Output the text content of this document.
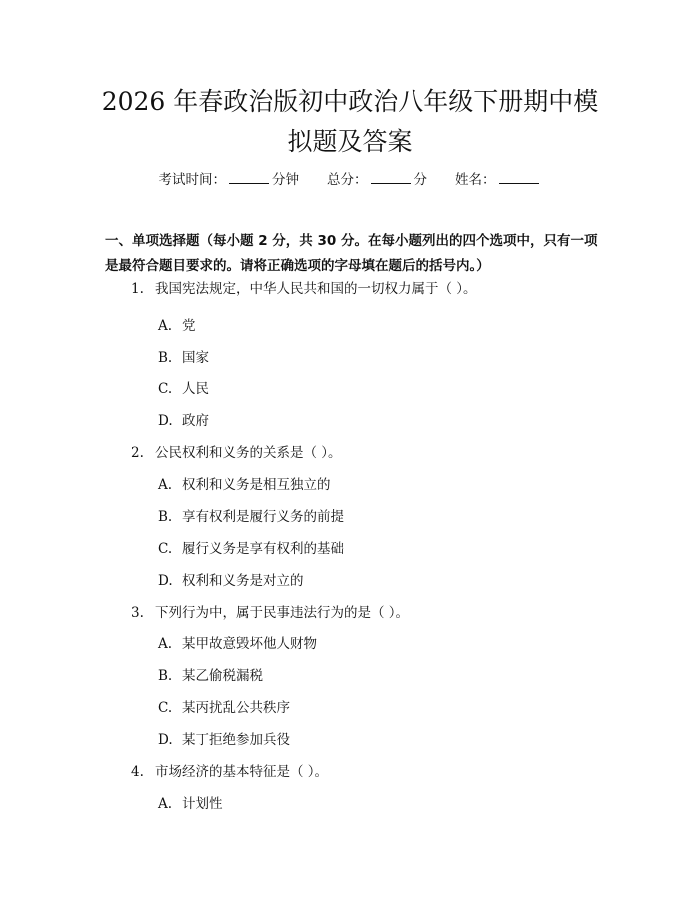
2026 年春政治版初中政治八年级下册期中模
拟题及答案
考试时间：	分钟 总分：	分 姓名：
一、单项选择题（每小题 2 分，共 30 分。在每小题列出的四个选项中，只有一项
是最符合题目要求的。请将正确选项的字母填在题后的括号内。）
1. 我国宪法规定，中华人民共和国的一切权力属于（ ）。
A. 党
B. 国家
C. 人民
D. 政府
2. 公民权利和义务的关系是（ ）。
A. 权利和义务是相互独立的
B. 享有权利是履行义务的前提
C. 履行义务是享有权利的基础
D. 权利和义务是对立的
3. 下列行为中，属于民事违法行为的是（ ）。
A. 某甲故意毁坏他人财物
B. 某乙偷税漏税
C. 某丙扰乱公共秩序
D. 某丁拒绝参加兵役
4. 市场经济的基本特征是（ ）。
A. 计划性
